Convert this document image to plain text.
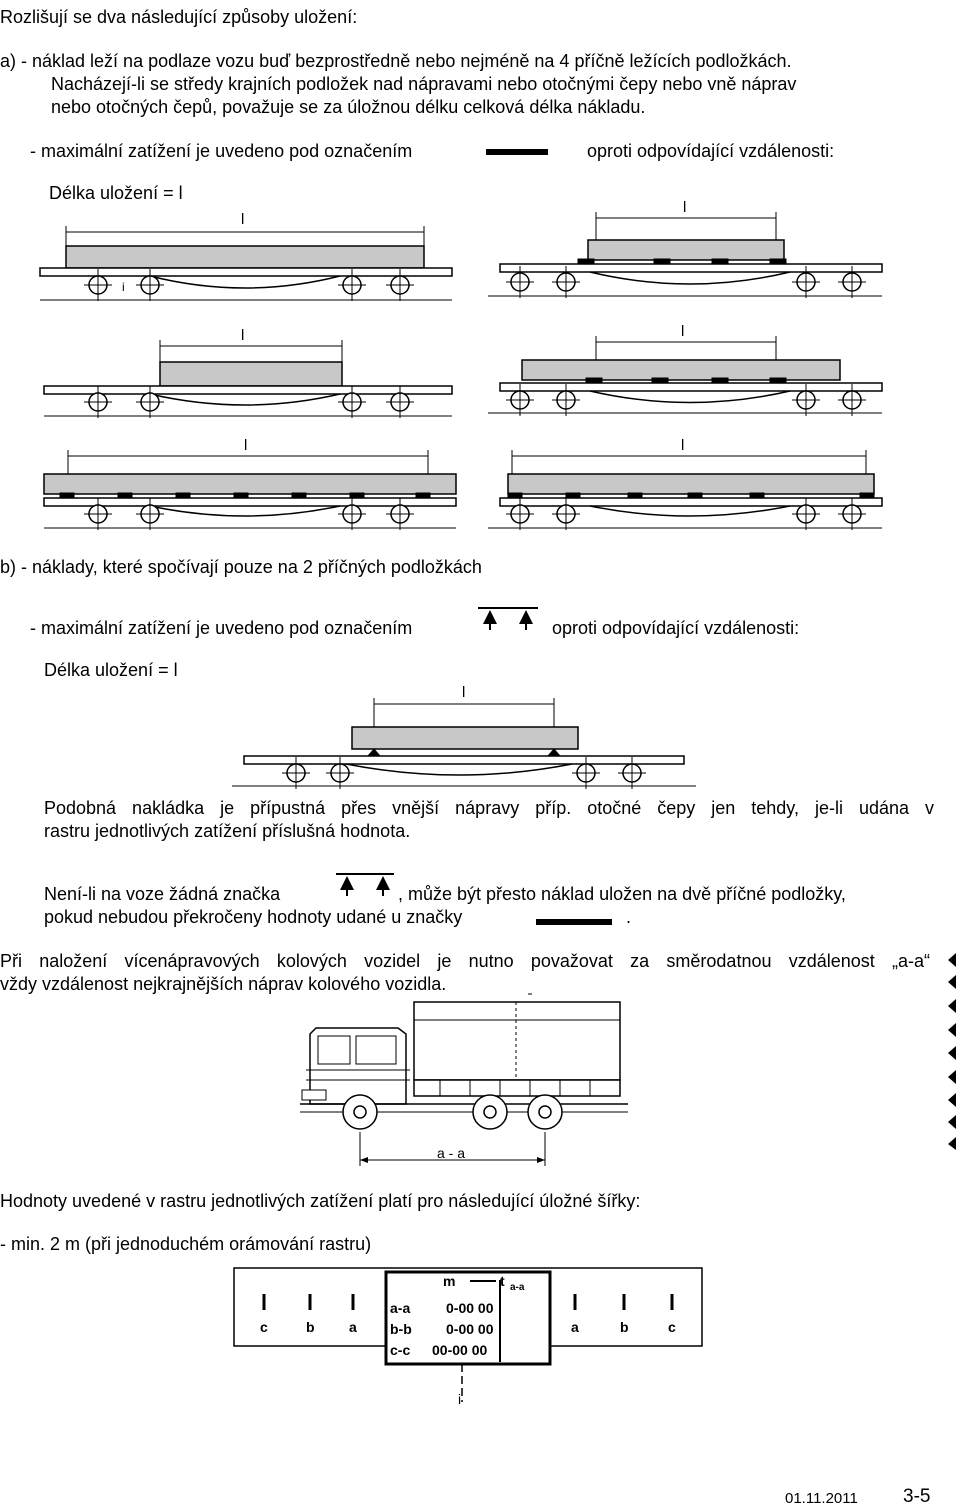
Rozlišují se dva následující způsoby uložení:
a) - náklad leží na podlaze vozu buď bezprostředně nebo nejméně na 4 příčně ležících podložkách.
Nacházejí-li se středy krajních podložek nad nápravami nebo otočnými čepy nebo vně náprav
nebo otočných čepů, považuje se za úložnou délku celková délka nákladu.
- maximální zatížení je uvedeno pod označením	oproti odpovídající vzdálenosti:
Délka uložení = l
b) - náklady, které spočívají pouze na 2 příčných podložkách
- maximální zatížení je uvedeno pod označením	oproti odpovídající vzdálenosti:
Délka uložení = l
Podobná nakládka je přípustná přes vnější nápravy příp. otočné čepy jen tehdy, je-li udána v
rastru jednotlivých zatížení příslušná hodnota.
Není-li na voze žádná značka	, může být přesto náklad uložen na dvě příčné podložky,
pokud nebudou překročeny hodnoty udané u značky	.
Při naložení vícenápravových kolových vozidel je nutno považovat za směrodatnou vzdálenost „a-a“
vždy vzdálenost nejkrajnějších náprav kolového vozidla.
Hodnoty uvedené v rastru jednotlivých zatížení platí pro následující úložné šířky:
- min. 2 m (při jednoduchém orámování rastru)
01.11.2011 3-5
l
i
l
l	l
l	l
l
a - a
m	t a-a
a-a	0-00 00
b-b 0-00 00
c-c 00-00 00
c	b a	a	b	c
i
